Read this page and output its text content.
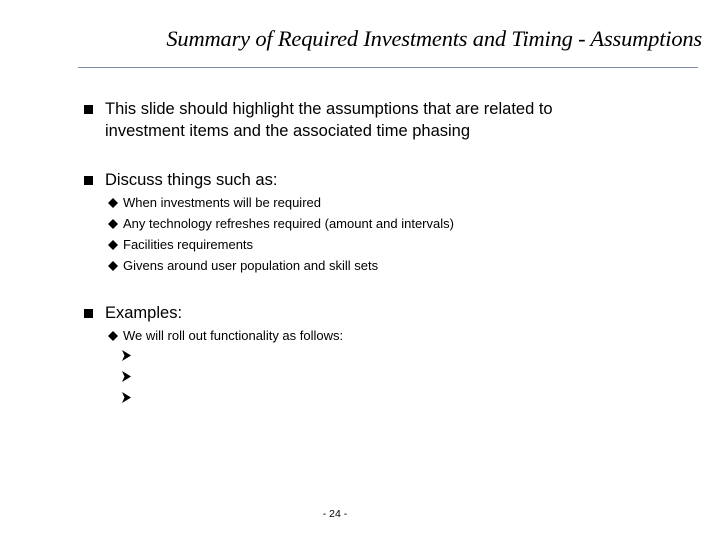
Summary of Required Investments and Timing - Assumptions
This slide should highlight the assumptions that are related to
investment items and the associated time phasing
Discuss things such as:
When investments will be required
Any technology refreshes required (amount and intervals)
Facilities requirements
Givens around user population and skill sets
Examples:
We will roll out functionality as follows:
- 24 -
